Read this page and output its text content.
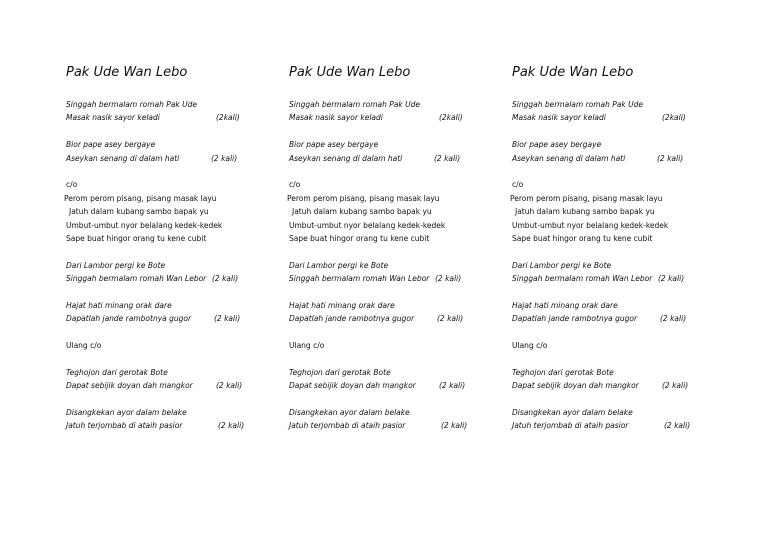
Pak Ude Wan Lebo
Singgah bermalam romah Pak Ude
Masak nasik sayor keladi	(2kali)
Bior pape asey bergaye
Aseykan senang di dalam hati	(2 kali)
c/o
Perom perom pisang, pisang masak layu
Jatuh dalam kubang sambo bapak yu
Umbut-umbut nyor belalang kedek-kedek
Sape buat hingor orang tu kene cubit
Dari Lambor pergi ke Bote
Singgah bermalam romah Wan Lebor (2 kali)
Hajat hati minang orak dare
Dapatlah jande rambotnya gugor	(2 kali)
Ulang c/o
Teghojon dari gerotak Bote
Dapat sebijik doyan dah mangkor	(2 kali)
Disangkekan ayor dalam belake
Jatuh terjombab di ataih pasior	(2 kali)
Pak Ude Wan Lebo
Singgah bermalam romah Pak Ude
Masak nasik sayor keladi	(2kali)
Bior pape asey bergaye
Aseykan senang di dalam hati	(2 kali)
c/o
Perom perom pisang, pisang masak layu
Jatuh dalam kubang sambo bapak yu
Umbut-umbut nyor belalang kedek-kedek
Sape buat hingor orang tu kene cubit
Dari Lambor pergi ke Bote
Singgah bermalam romah Wan Lebor (2 kali)
Hajat hati minang orak dare
Dapatlah jande rambotnya gugor	(2 kali)
Ulang c/o
Teghojon dari gerotak Bote
Dapat sebijik doyan dah mangkor	(2 kali)
Disangkekan ayor dalam belake
Jatuh terjombab di ataih pasior	(2 kali)
Pak Ude Wan Lebo
Singgah bermalam romah Pak Ude
Masak nasik sayor keladi	(2kali)
Bior pape asey bergaye
Aseykan senang di dalam hati	(2 kali)
c/o
Perom perom pisang, pisang masak layu
Jatuh dalam kubang sambo bapak yu
Umbut-umbut nyor belalang kedek-kedek
Sape buat hingor orang tu kene cubit
Dari Lambor pergi ke Bote
Singgah bermalam romah Wan Lebor (2 kali)
Hajat hati minang orak dare
Dapatlah jande rambotnya gugor	(2 kali)
Ulang c/o
Teghojon dari gerotak Bote
Dapat sebijik doyan dah mangkor	(2 kali)
Disangkekan ayor dalam belake
Jatuh terjombab di ataih pasior	(2 kali)
